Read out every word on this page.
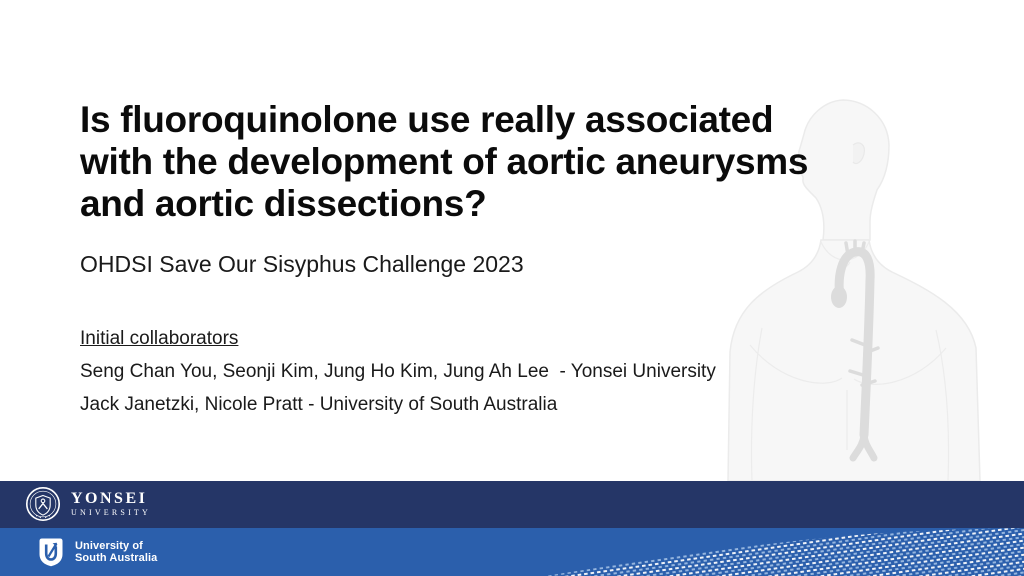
Is fluoroquinolone use really associated
with the development of aortic aneurysms
and aortic dissections?
OHDSI Save Our Sisyphus Challenge 2023
Initial collaborators
Seng Chan You, Seonji Kim, Jung Ho Kim, Jung Ah Lee  - Yonsei University
Jack Janetzki, Nicole Pratt - University of South Australia
YONSEI
UNIVERSITY
University of
South Australia
